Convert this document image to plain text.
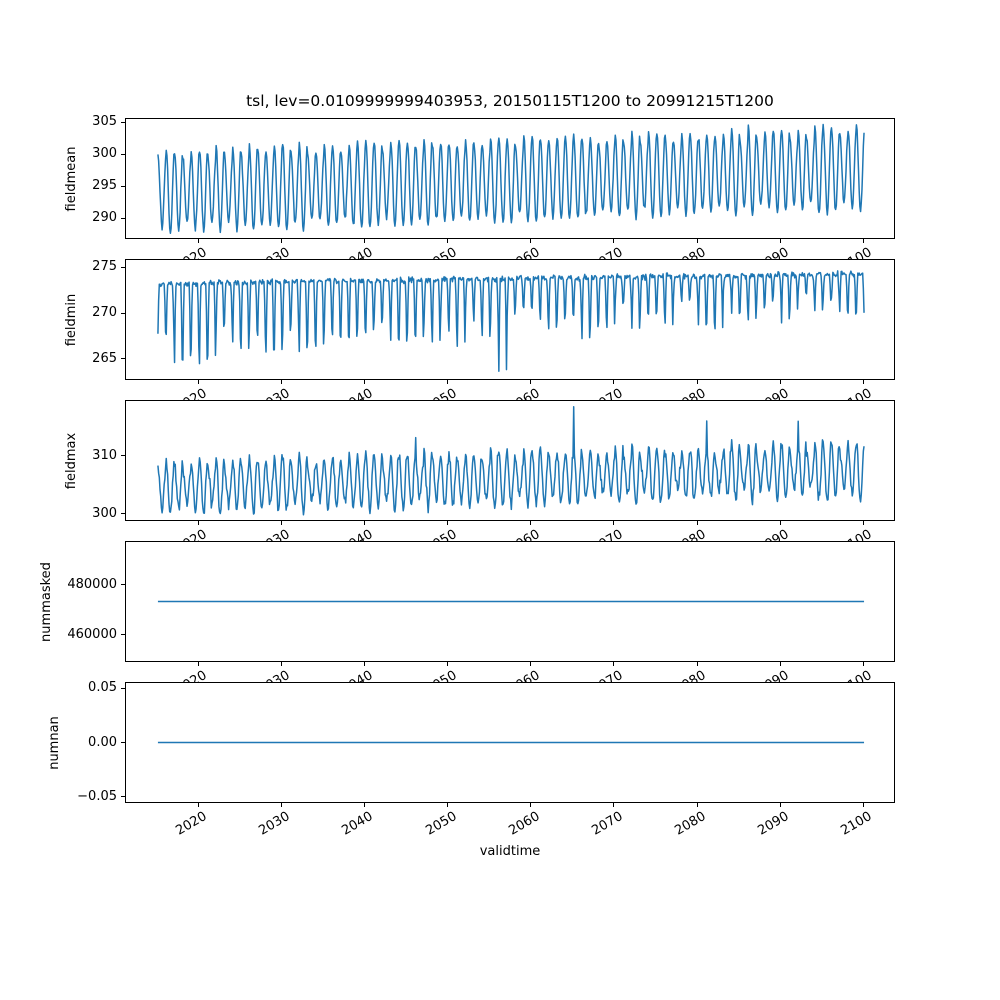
tsl, lev=0.0109999999403953, 20150115T1200 to 20991215T1200
fieldmean
fieldmin
fieldmax
nummasked
numnan
validtime
290
295
300
305
265
270
275
300
310
460000
480000
−0.05
0.00
0.05
2020	2030	2040	2050	2060	2070	2080	2090	2100
